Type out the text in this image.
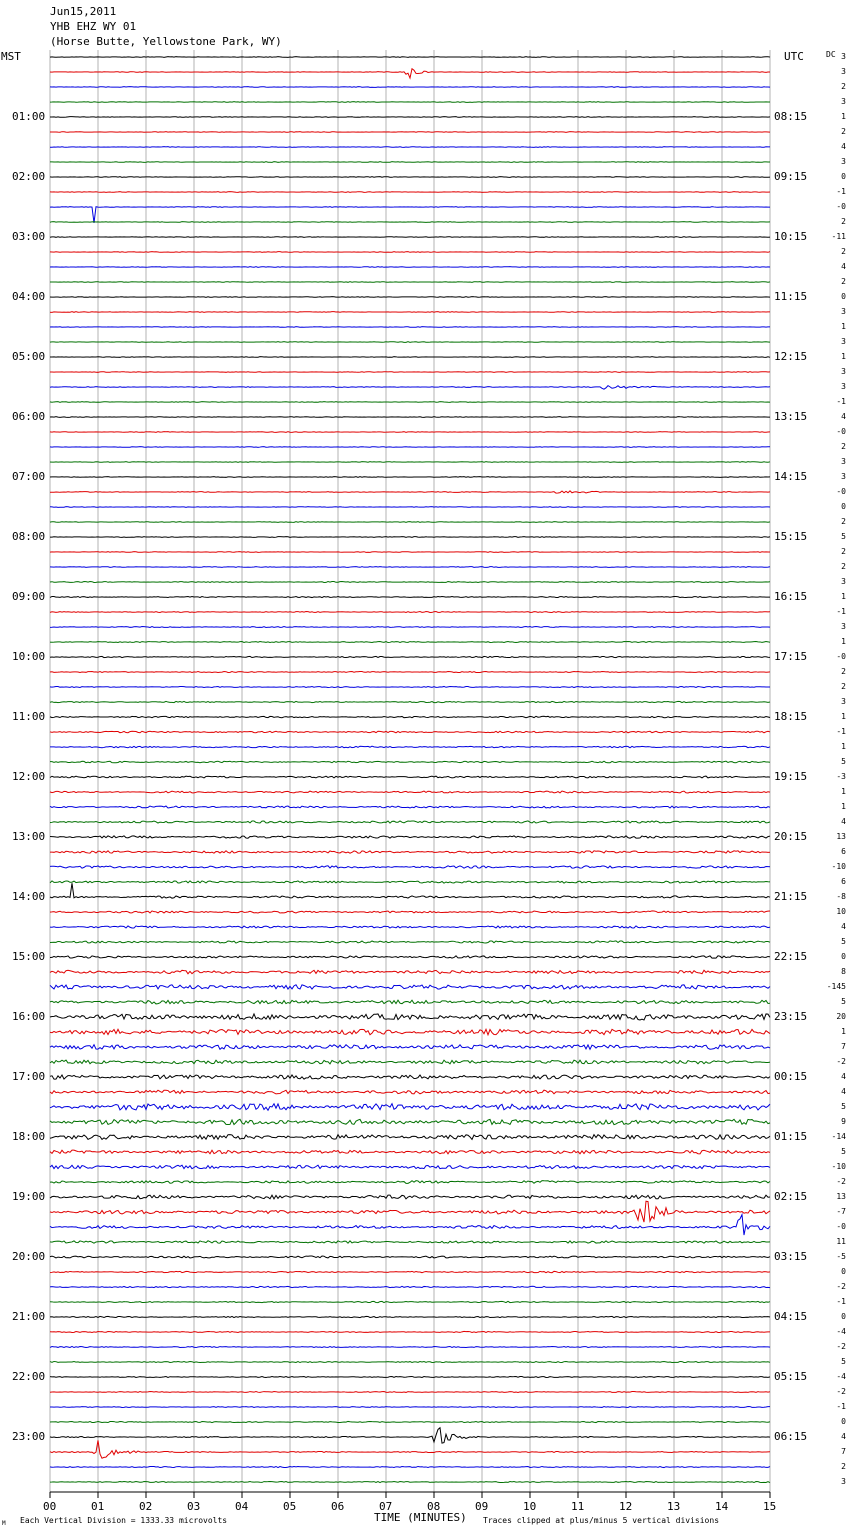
Jun15,2011
YHB EHZ WY 01
(Horse Butte, Yellowstone Park, WY)
MST	UTC	DC
01:00
02:00
03:00
04:00
05:00
06:00
07:00
08:00
09:00
10:00
11:00
12:00
13:00
14:00
15:00
16:00
17:00
18:00
19:00
20:00
21:00
22:00
23:00
08:15
09:15
10:15
11:15
12:15
13:15
14:15
15:15
16:15
17:15
18:15
19:15
20:15
21:15
22:15
23:15
00:15
01:15
02:15
03:15
04:15
05:15
06:15
3
3
2
3
1
2
4
3
0
-1
-0
2
-11
2
4
2
0
3
1
3
1
3
3
-1
4
-0
2
3
3
-0
0
2
5
2
2
3
1
-1
3
1
-0
2
2
3
1
-1
1
5
-3
1
1
4
13
6
-10
6
-8
10
4
5
0
8
-145
5
20
1
7
-2
4
4
5
9
-14
5
-10
-2
13
-7
-0
11
-5
0
-2
-1
0
-4
-2
5
-4
-2
-1
0
4
7
2
3
00	01	02	03	04	05	06	07	08	09	10	11	12	13	14	15
M Each Vertical Division = 1333.33 microvolts	TIME (MINUTES) Traces clipped at plus/minus 5 vertical divisions
